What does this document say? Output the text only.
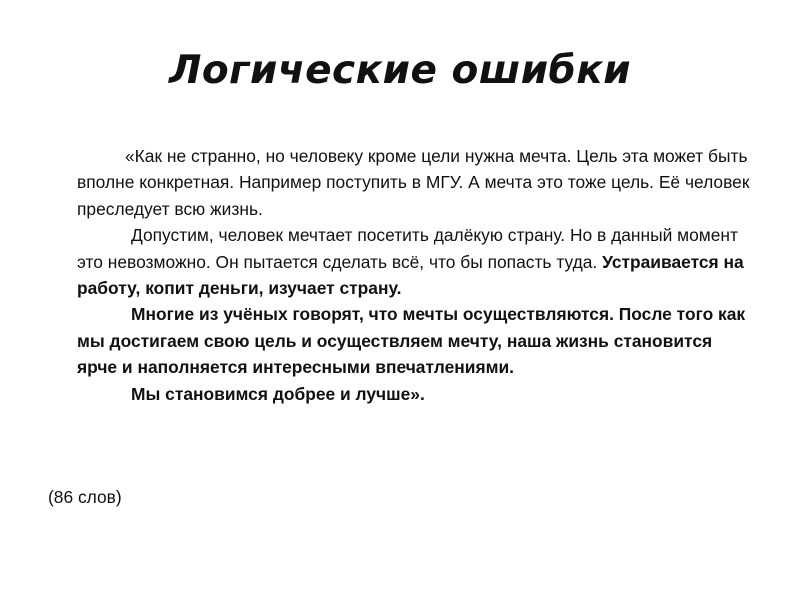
Логические ошибки

«Как не странно, но человеку кроме цели нужна мечта. Цель эта может быть вполне конкретная. Например поступить в МГУ. А мечта это тоже цель. Её человек преследует всю жизнь.

Допустим, человек мечтает посетить далёкую страну. Но в данный момент это невозможно. Он пытается сделать всё, что бы попасть туда. Устраивается на работу, копит деньги, изучает страну.

Многие из учёных говорят, что мечты осуществляются. После того как мы достигаем свою цель и осуществляем мечту, наша жизнь становится ярче и наполняется интересными впечатлениями.

Мы становимся добрее и лучше».

(86 слов)
